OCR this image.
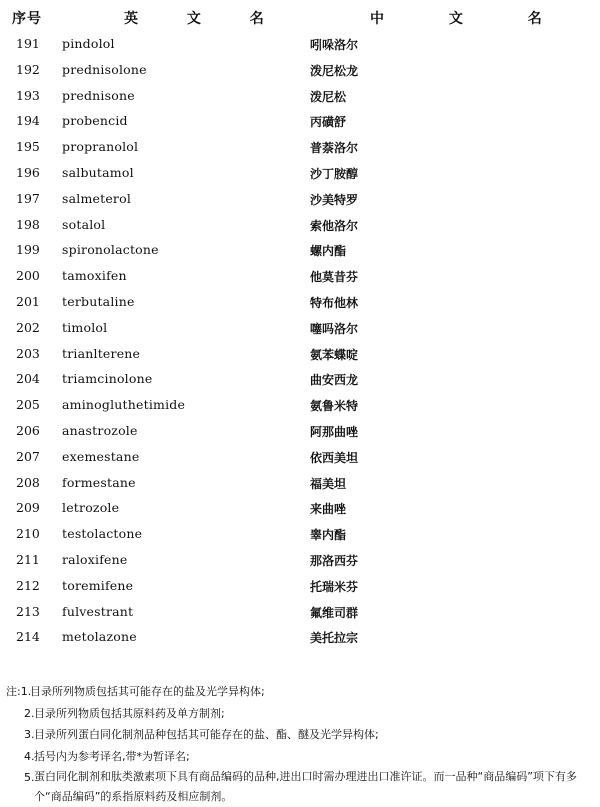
序号	英 文 名	中 文 名
191 pindolol	吲哚洛尔
192 prednisolone	泼尼松龙
193 prednisone	泼尼松
194 probencid	丙磺舒
195 propranolol	普萘洛尔
196 salbutamol	沙丁胺醇
197 salmeterol	沙美特罗
198 sotalol	索他洛尔
199 spironolactone	螺内酯
200 tamoxifen	他莫昔芬
201 terbutaline	特布他林
202 timolol	噻吗洛尔
203 trianlterene	氨苯蝶啶
204 triamcinolone	曲安西龙
205 aminogluthetimide	氨鲁米特
206 anastrozole	阿那曲唑
207 exemestane	依西美坦
208 formestane	福美坦
209 letrozole	来曲唑
210 testolactone	睾内酯
211 raloxifene	那洛西芬
212 toremifene	托瑞米芬
213 fulvestrant	氟维司群
214 metolazone	美托拉宗
注:1.
目录所列物质包括其可能存在的盐及光学异构体;
2. 目录所列物质包括其原料药及单方制剂;
3. 目录所列蛋白同化制剂品种包括其可能存在的盐、酯、醚及光学异构体;
4. 括号内为参考译名,带*为暂译名;
5. 蛋白同化制剂和肽类激素项下具有商品编码的品种,进出口时需办理进出口准许证。而一品种“商品编码”项下有多个“商品编码”的系指原料药及相应制剂。
